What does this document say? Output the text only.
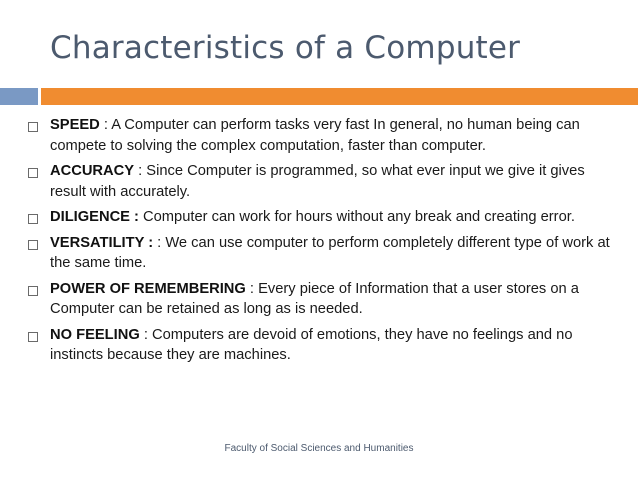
Characteristics of a Computer
SPEED : A Computer can perform tasks very fast In general, no human being can compete to solving the complex computation, faster than computer.
ACCURACY : Since Computer is programmed, so what ever input we give it gives result with accurately.
DILIGENCE : Computer can work for hours without any break and creating error.
VERSATILITY : : We can use computer to perform completely different type of work at the same time.
POWER OF REMEMBERING : Every piece of Information that a user stores on a Computer can be retained as long as is needed.
NO FEELING : Computers are devoid of emotions, they have no feelings and no instincts because they are machines.
Faculty of Social Sciences and Humanities
